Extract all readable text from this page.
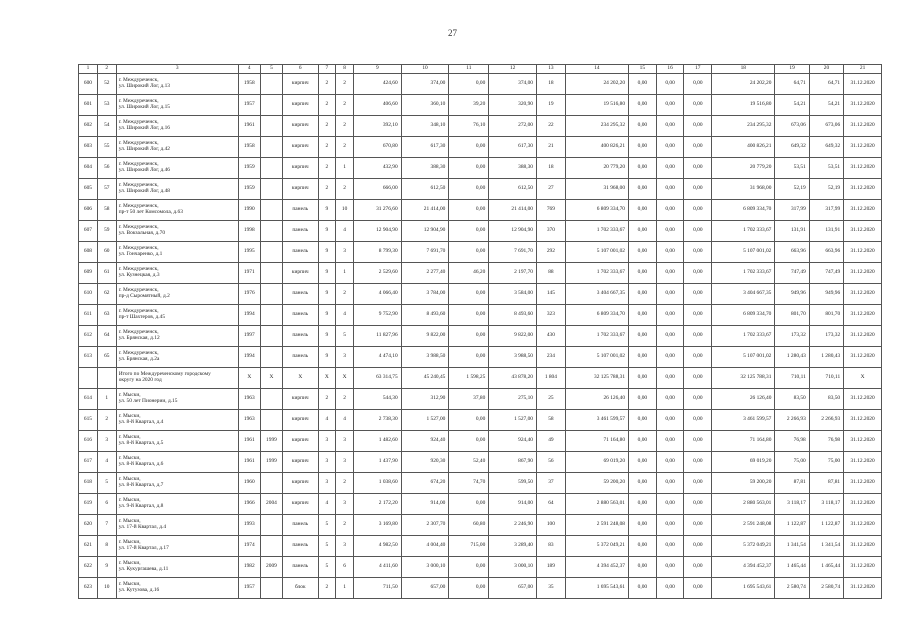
27
1	2	3	4	5	6	7	8	9	10	11	12	13	14	15	16	17	18	19	20	21
600	52	г. Междуреченск,
ул. Широкий Лог, д.13	1958		кирпич	2	2	424,60	374,00	0,00	374,00	18	24 202,20	0,00	0,00	0,00	24 202,20	64,71	64,71	31.12.2020
601	53	г. Междуреченск,
ул. Широкий Лог, д.15	1957		кирпич	2	2	406,60	360,10	39,20	320,90	19	19 516,80	0,00	0,00	0,00	19 516,80	54,21	54,21	31.12.2020
602	54	г. Междуреченск,
ул. Широкий Лог, д.16	1961		кирпич	2	2	392,10	348,10	76,10	272,00	22	234 295,32	0,00	0,00	0,00	234 295,32	673,06	673,06	31.12.2020
603	55	г. Междуреченск,
ул. Широкий Лог, д.42	1958		кирпич	2	2	670,80	617,30	0,00	617,30	21	400 826,21	0,00	0,00	0,00	400 826,21	649,32	649,32	31.12.2020
604	56	г. Междуреченск,
ул. Широкий Лог, д.46	1959		кирпич	2	1	432,90	388,30	0,00	388,30	18	20 779,20	0,00	0,00	0,00	20 779,20	53,51	53,51	31.12.2020
605	57	г. Междуреченск,
ул. Широкий Лог, д.48	1959		кирпич	2	2	666,00	612,50	0,00	612,50	27	31 968,00	0,00	0,00	0,00	31 968,00	52,19	52,19	31.12.2020
606	58	г. Междуреченск,
пр-т 50 лет Комсомола, д.63	1990		панель	9	10	31 276,60	21 414,00	0,00	21 414,00	769	6 809 334,70	0,00	0,00	0,00	6 809 334,70	317,99	317,99	31.12.2020
607	59	г. Междуреченск,
ул. Вокзальная, д.70	1998		панель	9	4	12 904,90	12 904,90	0,00	12 904,90	370	1 702 333,67	0,00	0,00	0,00	1 702 333,67	131,91	131,91	31.12.2020
608	60	г. Междуреченск,
ул. Гончаренко, д.1	1995		панель	9	3	8 799,30	7 691,70	0,00	7 691,70	292	5 107 001,02	0,00	0,00	0,00	5 107 001,02	663,96	663,96	31.12.2020
609	61	г. Междуреченск,
ул. Кузнецкая, д.3	1971		кирпич	9	1	2 529,60	2 277,40	46,20	2 197,70	88	1 702 333,67	0,00	0,00	0,00	1 702 333,67	747,49	747,49	31.12.2020
610	62	г. Междуреченск,
пр-д Сыромятный, д.2	1976		панель	9	2	4 066,40	3 784,00	0,00	3 584,00	145	3 404 667,35	0,00	0,00	0,00	3 404 667,35	949,96	949,96	31.12.2020
611	63	г. Междуреченск,
пр-т Шахтеров, д.45	1994		панель	9	4	9 752,90	8 493,60	0,00	8 493,60	323	6 809 334,70	0,00	0,00	0,00	6 809 334,70	801,70	801,70	31.12.2020
612	64	г. Междуреченск,
ул. Брянская, д.12	1997		панель	9	5	11 827,96	9 822,00	0,00	9 822,00	430	1 702 333,67	0,00	0,00	0,00	1 702 333,67	173,32	173,32	31.12.2020
613	65	г. Междуреченск,
ул. Брянская, д.2а	1994		панель	9	3	4 474,10	3 988,50	0,00	3 988,50	234	5 107 001,02	0,00	0,00	0,00	5 107 001,02	1 280,43	1 280,43	31.12.2020

		Итого по Междуреченскому городскому
округу на 2020 год	X	X	X	X	X	63 314,75	45 240,45	1 598,25	43 878,20	1 804	32 125 788,31	0,00	0,00	0,00	32 125 788,31	710,11	710,11	X
614	1	г. Мыски,
ул. 50 лет Пионерии, д.15	1963		кирпич	2	2	544,30	312,90	37,80	275,10	25	26 126,40	0,00	0,00	0,00	26 126,40	83,50	83,50	31.12.2020
615	2	г. Мыски,
ул. 8-й Квартал, д.4	1963		кирпич	4	4	2 738,30	1 527,00	0,00	1 527,00	58	3 461 599,57	0,00	0,00	0,00	3 461 599,57	2 266,93	2 266,93	31.12.2020
616	3	г. Мыски,
ул. 8-й Квартал, д.5	1961	1999	кирпич	3	3	1 482,60	924,40	0,00	924,40	49	71 164,80	0,00	0,00	0,00	71 164,80	76,98	76,98	31.12.2020
617	4	г. Мыски,
ул. 8-й Квартал, д.6	1961	1999	кирпич	3	3	1 437,90	920,30	52,40	867,90	56	69 019,20	0,00	0,00	0,00	69 019,20	75,00	75,00	31.12.2020
618	5	г. Мыски,
ул. 8-й Квартал, д.7	1960		кирпич	3	2	1 038,60	674,20	74,70	599,50	37	59 200,20	0,00	0,00	0,00	59 200,20	87,81	87,81	31.12.2020
619	6	г. Мыски,
ул. 9-й Квартал, д.8	1966	2004	кирпич	4	3	2 172,20	914,00	0,00	914,00	64	2 880 563,01	0,00	0,00	0,00	2 880 563,01	3 118,17	3 118,17	31.12.2020
620	7	г. Мыски,
ул. 17-й Квартал, д.4	1993		панель	5	2	3 169,80	2 307,70	60,80	2 246,90	100	2 591 248,08	0,00	0,00	0,00	2 591 248,08	1 122,87	1 122,87	31.12.2020
621	8	г. Мыски,
ул. 17-й Квартал, д.17	1974		панель	5	3	4 982,50	4 004,40	715,00	3 289,40	83	5 372 049,21	0,00	0,00	0,00	5 372 049,21	1 341,54	1 341,54	31.12.2020
622	9	г. Мыски,
ул. Кукургашева, д.11	1982	2009	панель	5	6	4 411,60	3 000,10	0,00	3 000,10	189	4 394 452,37	0,00	0,00	0,00	4 394 452,37	1 465,44	1 465,44	31.12.2020
623	10	г. Мыски,
ул. Кутузова, д.16	1957		блок	2	1	711,50	657,00	0,00	657,00	35	1 695 543,61	0,00	0,00	0,00	1 695 543,61	2 580,74	2 580,74	31.12.2020
